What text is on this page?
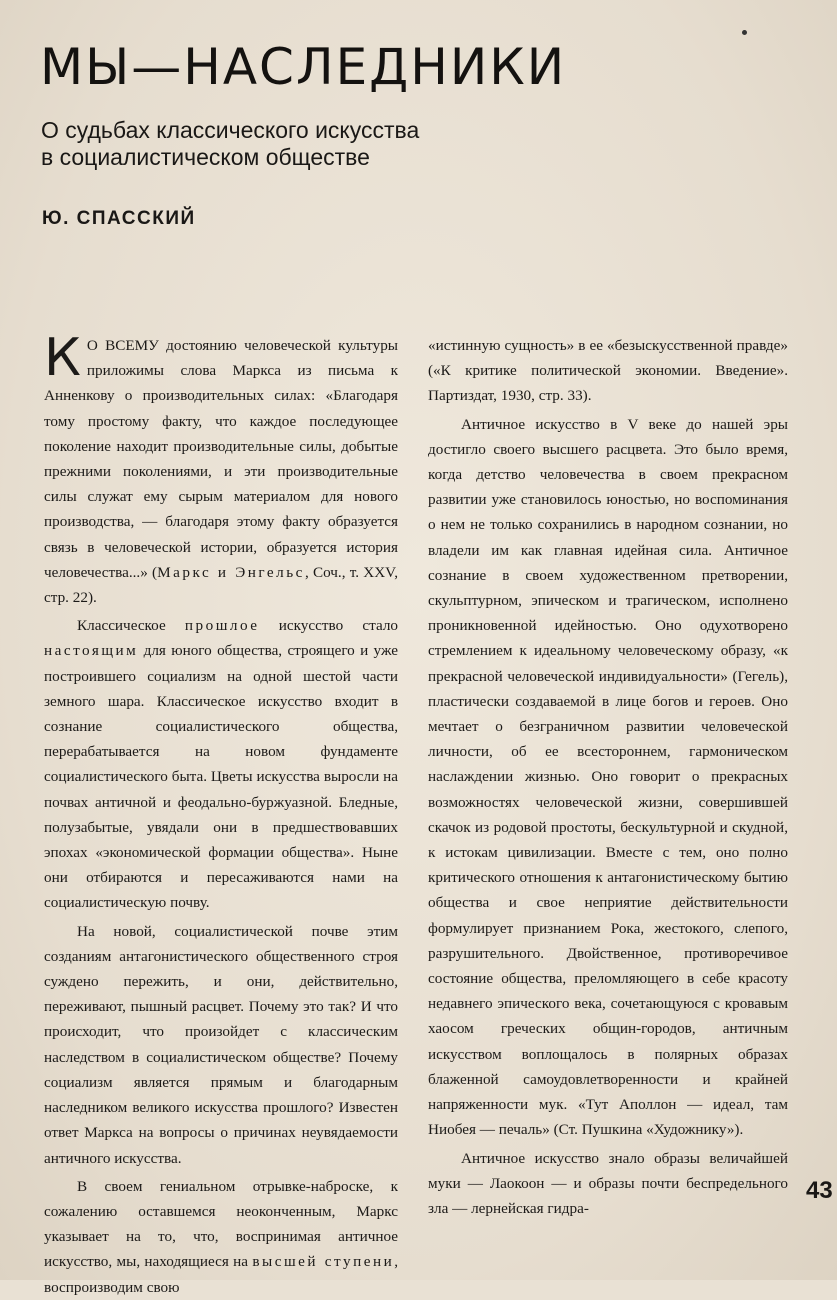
МЫ—НАСЛЕДНИКИ
О судьбах классического искусства
в социалистическом обществе
Ю. СПАССКИЙ

К О ВСЕМУ достоянию человеческой культуры приложимы слова Маркса из письма к Анненкову о производительных силах: «Благодаря тому простому факту, что каждое последующее поколение находит производительные силы, добытые прежними поколениями, и эти производительные силы служат ему сырым материалом для нового производства, — благодаря этому факту образуется связь в человеческой истории, образуется история человечества...» (Маркс и Энгельс, Соч., т. XXV, стр. 22).

Классическое прошлое искусство стало настоящим для юного общества, строящего и уже построившего социализм на одной шестой части земного шара. Классическое искусство входит в сознание социалистического общества, перерабатывается на новом фундаменте социалистического быта. Цветы искусства выросли на почвах античной и феодально-буржуазной. Бледные, полузабытые, увядали они в предшествовавших эпохах «экономической формации общества». Ныне они отбираются и пересаживаются нами на социалистическую почву.

На новой, социалистической почве этим созданиям антагонистического общественного строя суждено пережить, и они, действительно, переживают, пышный расцвет. Почему это так? И что происходит, что произойдет с классическим наследством в социалистическом обществе? Почему социализм является прямым и благодарным наследником великого искусства прошлого? Известен ответ Маркса на вопросы о причинах неувядаемости античного искусства.

В своем гениальном отрывке-наброске, к сожалению оставшемся неоконченным, Маркс указывает на то, что, воспринимая античное искусство, мы, находящиеся на высшей ступени, воспроизводим свою

«истинную сущность» в ее «безыскусственной правде» («К критике политической экономии. Введение». Партиздат, 1930, стр. 33).

Античное искусство в V веке до нашей эры достигло своего высшего расцвета. Это было время, когда детство человечества в своем прекрасном развитии уже становилось юностью, но воспоминания о нем не только сохранились в народном сознании, но владели им как главная идейная сила. Античное сознание в своем художественном претворении, скульптурном, эпическом и трагическом, исполнено проникновенной идейностью. Оно одухотворено стремлением к идеальному человеческому образу, «к прекрасной человеческой индивидуальности» (Гегель), пластически создаваемой в лице богов и героев. Оно мечтает о безграничном развитии человеческой личности, об ее всестороннем, гармоническом наслаждении жизнью. Оно говорит о прекрасных возможностях человеческой жизни, совершившей скачок из родовой простоты, бескультурной и скудной, к истокам цивилизации. Вместе с тем, оно полно критического отношения к антагонистическому бытию общества и свое неприятие действительности формулирует признанием Рока, жестокого, слепого, разрушительного. Двойственное, противоречивое состояние общества, преломляющего в себе красоту недавнего эпического века, сочетающуюся с кровавым хаосом греческих общин-городов, античным искусством воплощалось в полярных образах блаженной самоудовлетворенности и крайней напряженности мук. «Тут Аполлон — идеал, там Ниобея — печаль» (Ст. Пушкина «Художнику»).

Античное искусство знало образы величайшей муки — Лаокоон — и образы почти беспредельного зла — лернейская гидра-

43
